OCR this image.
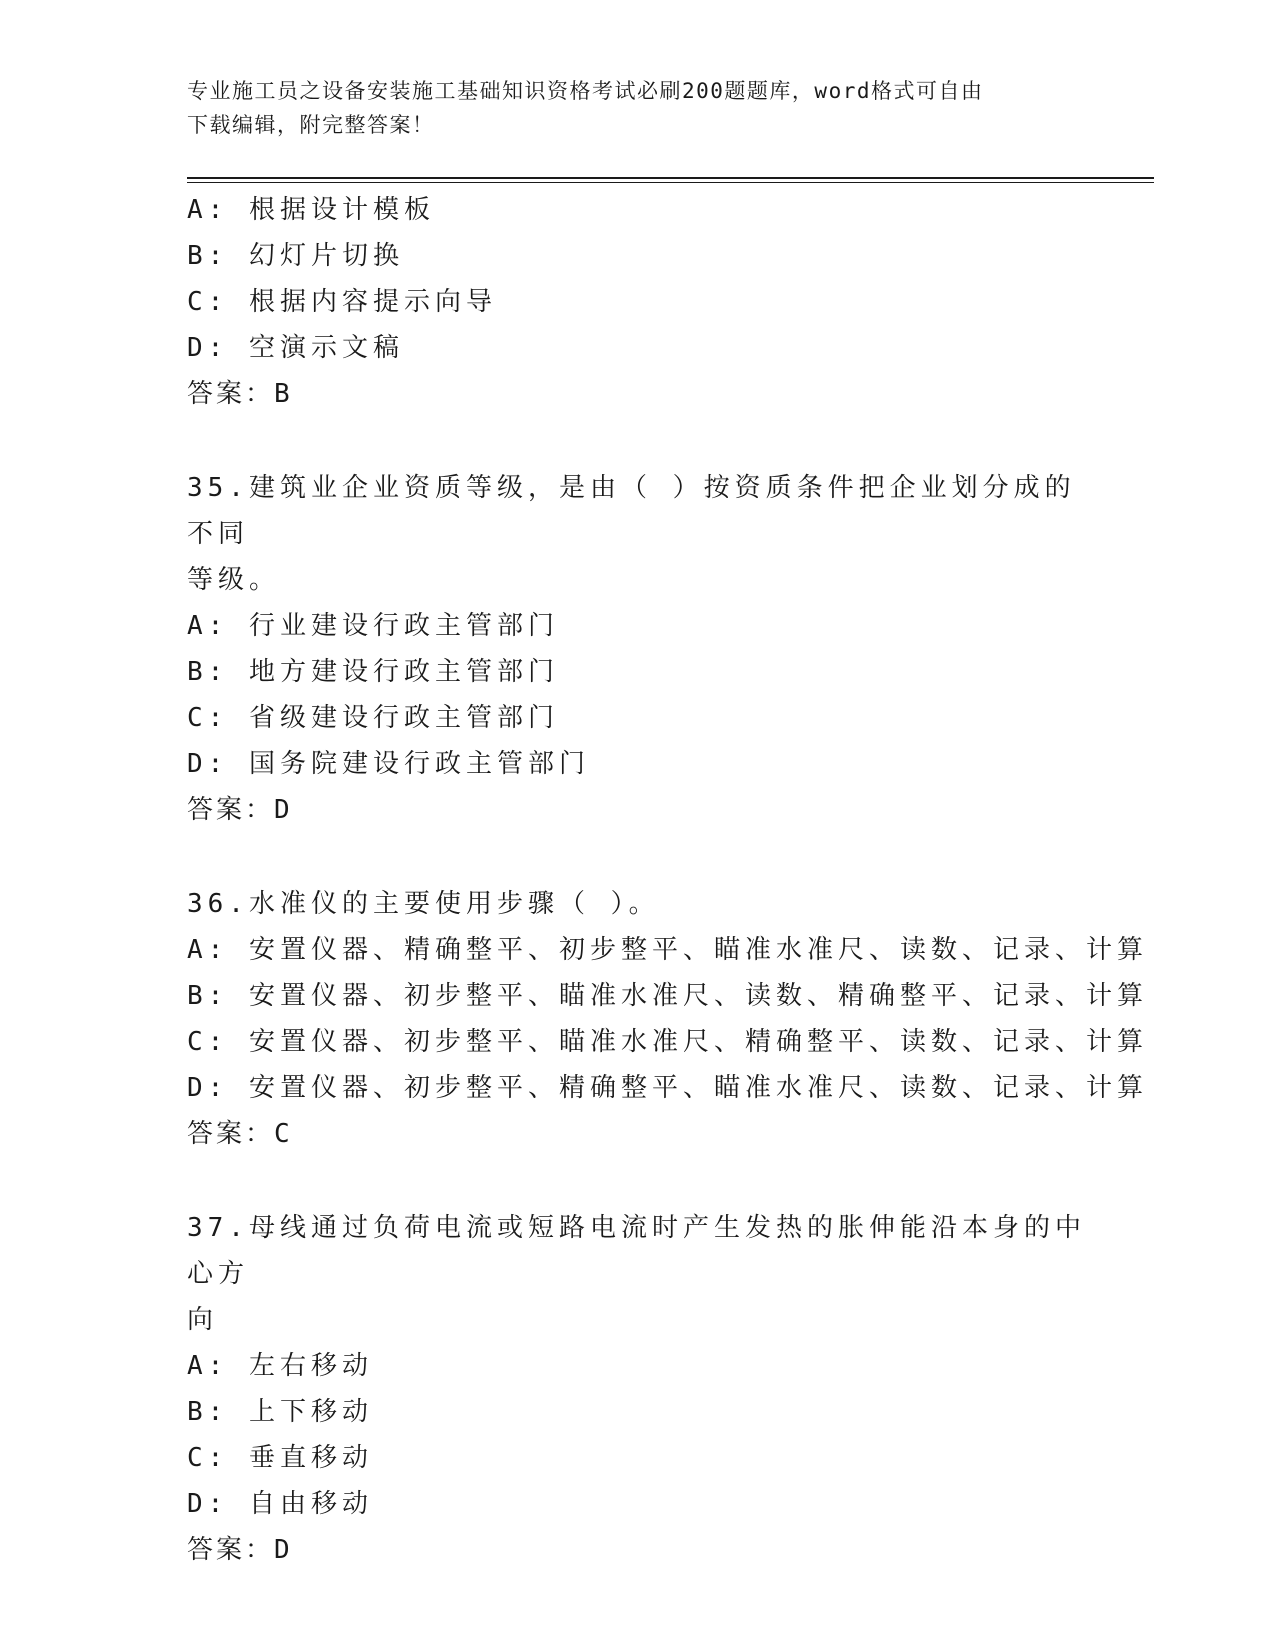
专业施工员之设备安装施工基础知识资格考试必刷200题题库，word格式可自由
下载编辑，附完整答案！
A: 根据设计模板
B: 幻灯片切换
C: 根据内容提示向导
D: 空演示文稿
答案：B
35.建筑业企业资质等级，是由（ ）按资质条件把企业划分成的不同
等级。
A: 行业建设行政主管部门
B: 地方建设行政主管部门
C: 省级建设行政主管部门
D: 国务院建设行政主管部门
答案：D
36.水准仪的主要使用步骤（ ）。
A: 安置仪器、精确整平、初步整平、瞄准水准尺、读数、记录、计算
B: 安置仪器、初步整平、瞄准水准尺、读数、精确整平、记录、计算
C: 安置仪器、初步整平、瞄准水准尺、精确整平、读数、记录、计算
D: 安置仪器、初步整平、精确整平、瞄准水准尺、读数、记录、计算
答案：C
37.母线通过负荷电流或短路电流时产生发热的胀伸能沿本身的中心方
向
A: 左右移动
B: 上下移动
C: 垂直移动
D: 自由移动
答案：D
